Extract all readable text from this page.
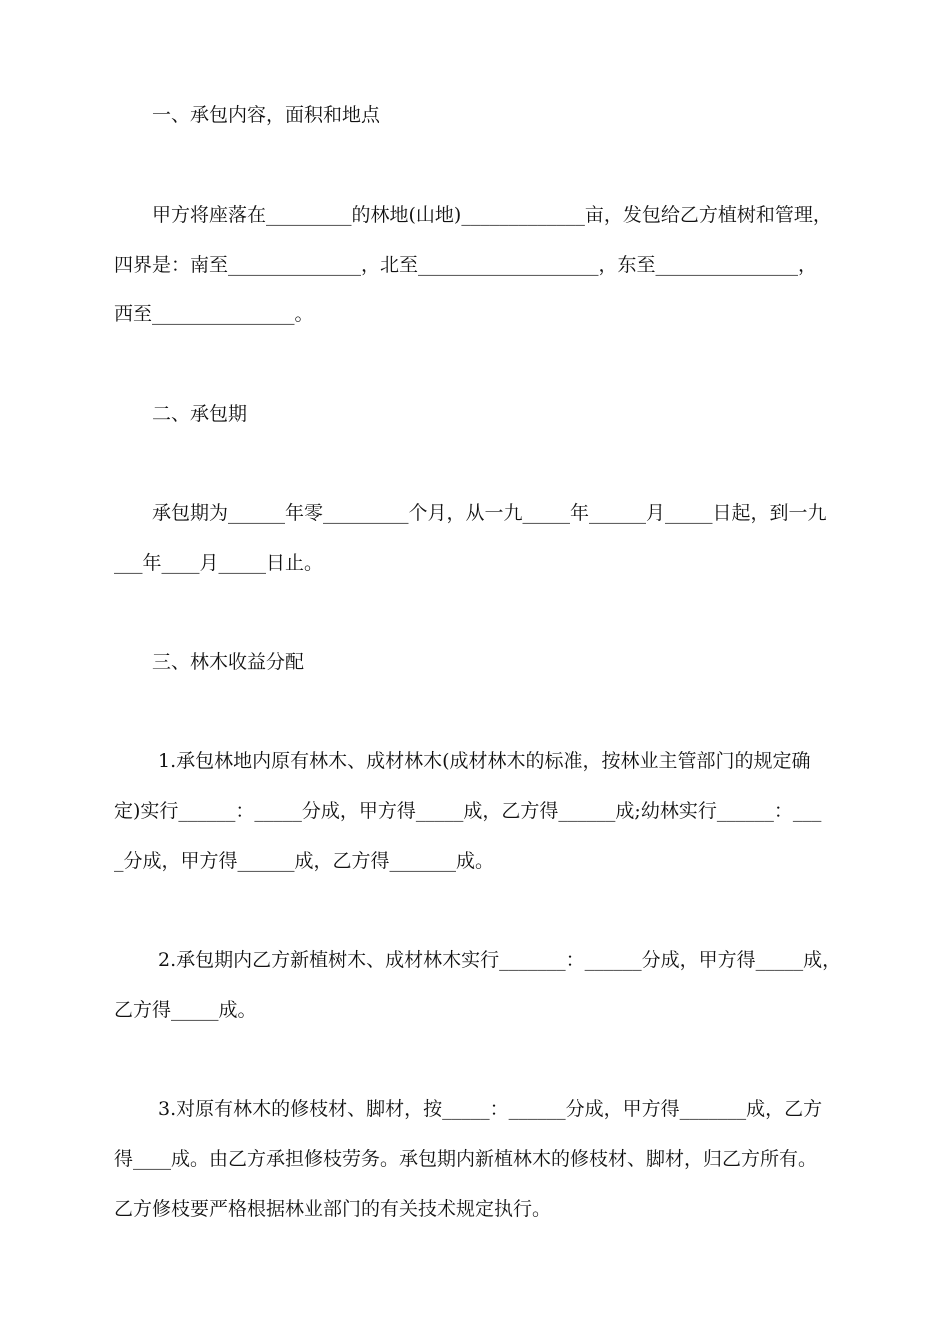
一、承包内容，面积和地点
甲方将座落在_________的林地(山地)_____________亩，发包给乙方植树和管理，
四界是：南至______________，北至___________________，东至_______________，
西至_______________。
二、承包期
承包期为______年零_________个月，从一九_____年______月_____日起，到一九
___年____月_____日止。
三、林木收益分配
1.承包林地内原有林木、成材林木(成材林木的标准，按林业主管部门的规定确
定)实行______：_____分成，甲方得_____成，乙方得______成;幼林实行______：___
_分成，甲方得______成，乙方得_______成。
2.承包期内乙方新植树木、成材林木实行_______：______分成，甲方得_____成，
乙方得_____成。
3.对原有林木的修枝材、脚材，按_____：______分成，甲方得_______成，乙方
得____成。由乙方承担修枝劳务。承包期内新植林木的修枝材、脚材，归乙方所有。
乙方修枝要严格根据林业部门的有关技术规定执行。
